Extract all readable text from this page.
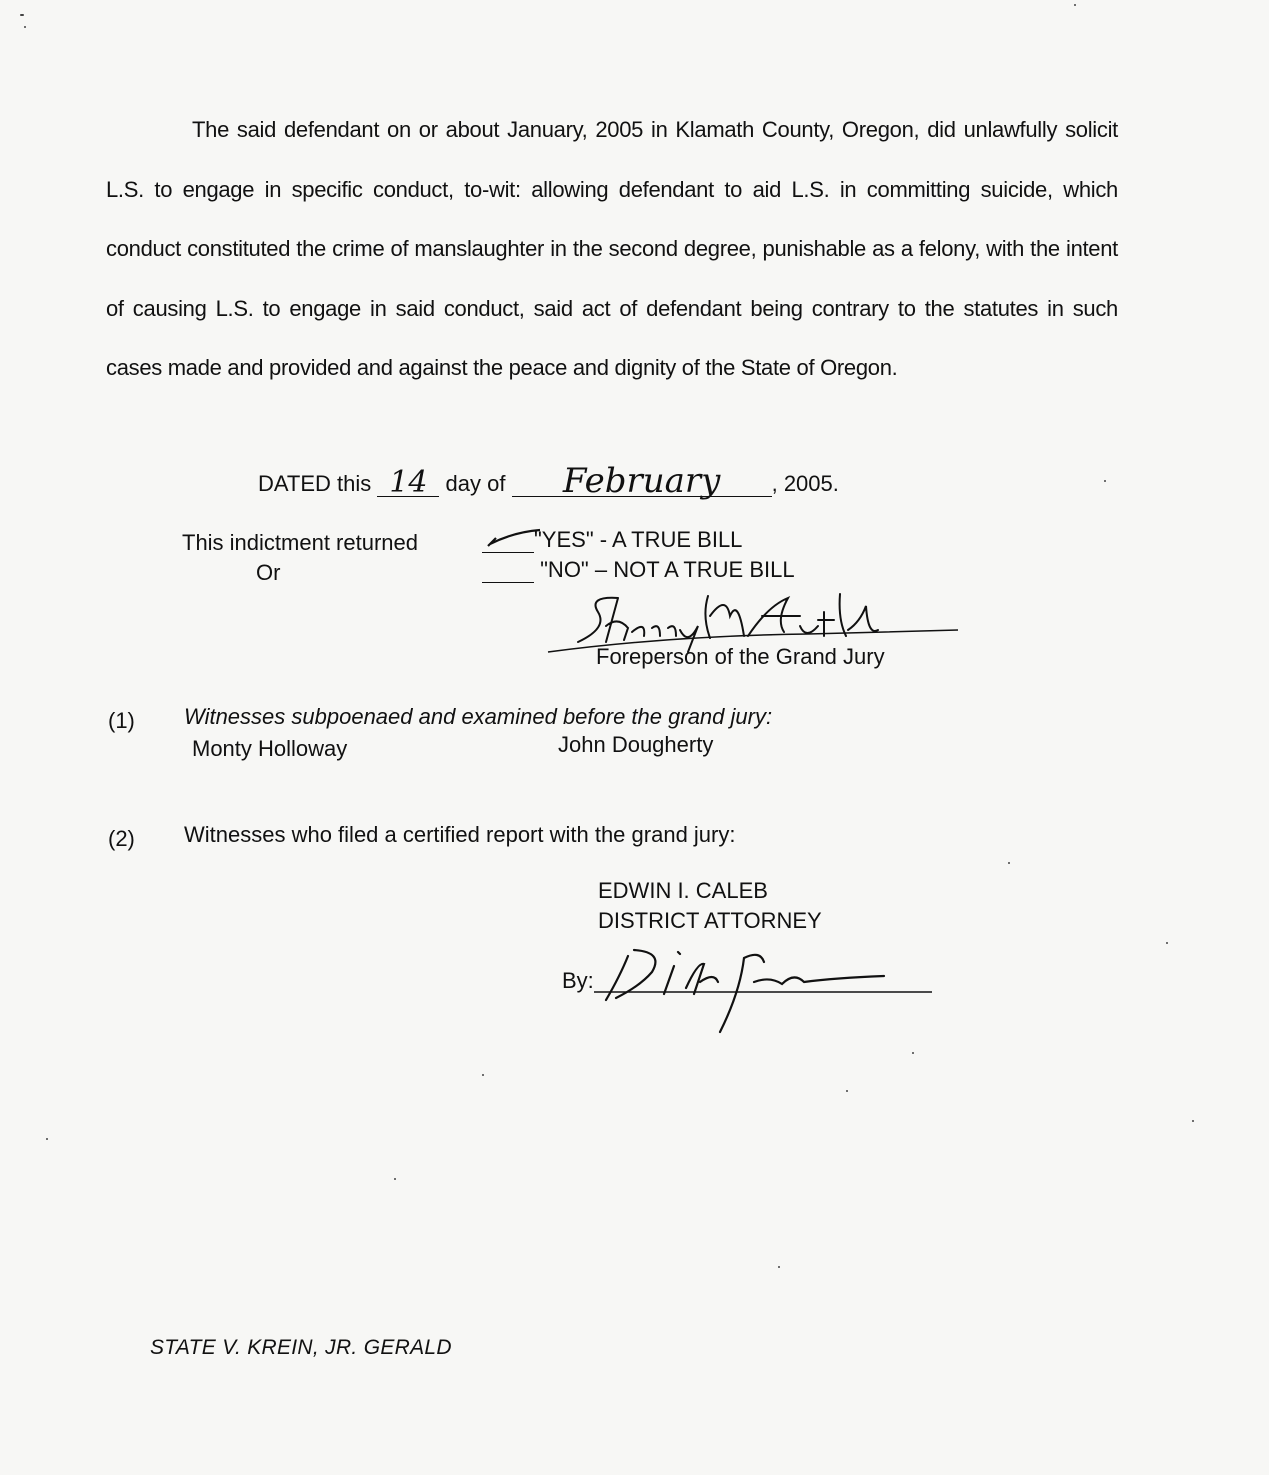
The said defendant on or about January, 2005 in Klamath County, Oregon, did unlawfully solicit L.S. to engage in specific conduct, to-wit: allowing defendant to aid L.S. in committing suicide, which conduct constituted the crime of manslaughter in the second degree, punishable as a felony, with the intent of causing L.S. to engage in said conduct, said act of defendant being contrary to the statutes in such cases made and provided and against the peace and dignity of the State of Oregon.
DATED this 14 day of February , 2005.
This indictment returned
Or
"YES" - A TRUE BILL
"NO" – NOT A TRUE BILL
Foreperson of the Grand Jury
(1) Witnesses subpoenaed and examined before the grand jury:
Monty Holloway	John Dougherty
(2) Witnesses who filed a certified report with the grand jury:
EDWIN I. CALEB
DISTRICT ATTORNEY
By:
STATE V. KREIN, JR. GERALD
